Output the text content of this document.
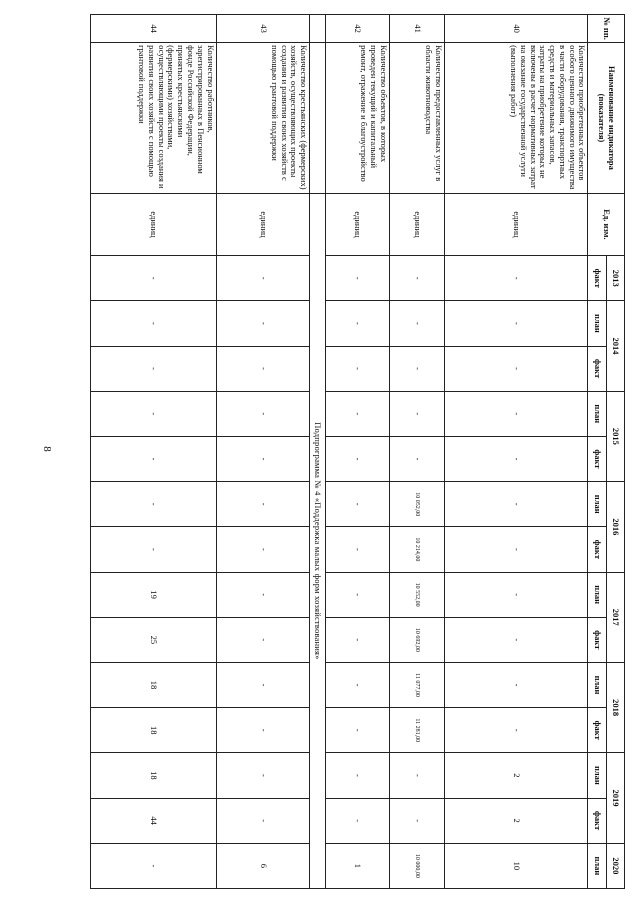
8
№ пп.	Наименование индикатора (показателя)	Ед. изм.	2013	2014		2015		2016		2017		2018		2019		2020
			факт	план	факт	план	факт	план	факт	план	факт	план	факт	план	факт	план
40	Количество приобретенных объектов особого ценного движимого имущества в части оборудования, транспортных средств и материальных запасов, затраты на приобретение которых не включены в расчет нормативных затрат на оказание государственной услуги (выполнения работ)	единиц	-	-	-	-	-	-	-	-	-	-	-	2	2	10
41	Количество предоставленных услуг в области животноводства	единиц	-	-	-	-	-	10 052,00	10 214,00	10 552,00	10 692,00	11 077,00	11 281,00	-	-	10 000,00
42	Количество объектов, в которых проведен текущий и капитальный ремонт, отражение и благоустройство	единиц	-	-	-	-	-	-	-	-	-	-	-	-	-	1
		Подпрограмма № 4 «Поддержка малых форм хозяйствования»														
43	Количество крестьянских (фермерских) хозяйств, осуществляющих проекты создания и развития своих хозяйств с помощью грантовой поддержки	единиц	-	-	-	-	-	-	-	-	-	-	-	-	-	6
44	Количество работников, зарегистрированных в Пенсионном фонде Российской Федерации, принятых крестьянскими (фермерскими) хозяйствами, осуществляющими проекты создания и развития своих хозяйств с помощью грантовой поддержки	единиц	-	-	-	-	-	-	-	19	25	18	18	18	44	-
